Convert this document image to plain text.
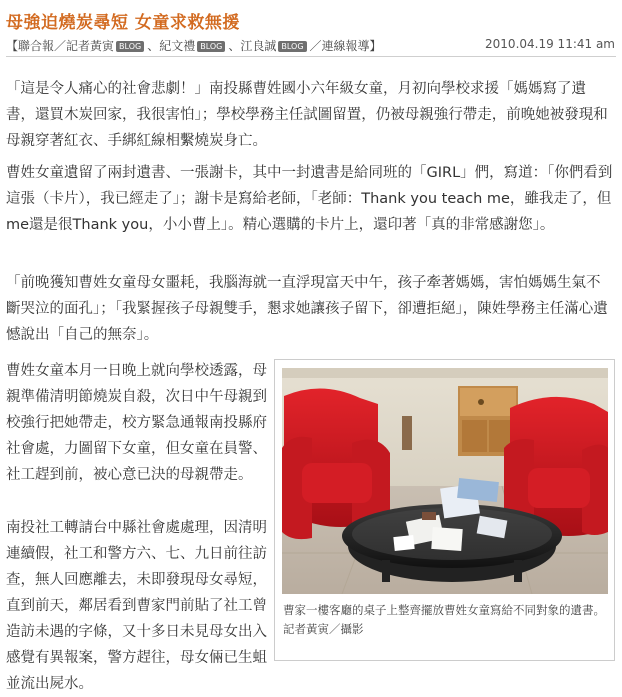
母強迫燒炭尋短 女童求救無援
【聯合報／記者黃寅 BLOG 、紀文禮 BLOG 、江良誠 BLOG ／連線報導】	2010.04.19 11:41 am

「這是令人痛心的社會悲劇！」南投縣曹姓國小六年級女童，月初向學校求援「媽媽寫了遺書，還買木炭回家，我很害怕」；學校學務主任試圖留置，仍被母親強行帶走，前晚她被發現和母親穿著紅衣、手綁紅線相繫燒炭身亡。

曹姓女童遺留了兩封遺書、一張謝卡，其中一封遺書是給同班的「GIRL」們，寫道：「你們看到這張（卡片），我已經走了」；謝卡是寫給老師，「老師：Thank you teach me，雖我走了，但me還是很Thank you，小小曹上」。精心選購的卡片上，還印著「真的非常感謝您」。

「前晚獲知曹姓女童母女噩耗，我腦海就一直浮現富天中午，孩子牽著媽媽，害怕媽媽生氣不斷哭泣的面孔」；「我緊握孩子母親雙手，懇求她讓孩子留下，卻遭拒絕」，陳姓學務主任滿心遺憾說出「自己的無奈」。

曹姓女童本月一日晚上就向學校透露，母親準備清明節燒炭自殺，次日中午母親到校強行把她帶走，校方緊急通報南投縣府社會處，力圖留下女童，但女童在員警、社工趕到前，被心意已決的母親帶走。

南投社工轉請台中縣社會處處理，因清明連續假，社工和警方六、七、九日前往訪查，無人回應離去，未即發現母女尋短，直到前天，鄰居看到曹家門前貼了社工曾造訪未遇的字條，又十多日未見母女出入感覺有異報案，警方趕往，母女倆已生蛆並流出屍水。

曹家一樓客廳的桌子上整齊擺放曹姓女童寫給不同對象的遺書。
記者黃寅／攝影
